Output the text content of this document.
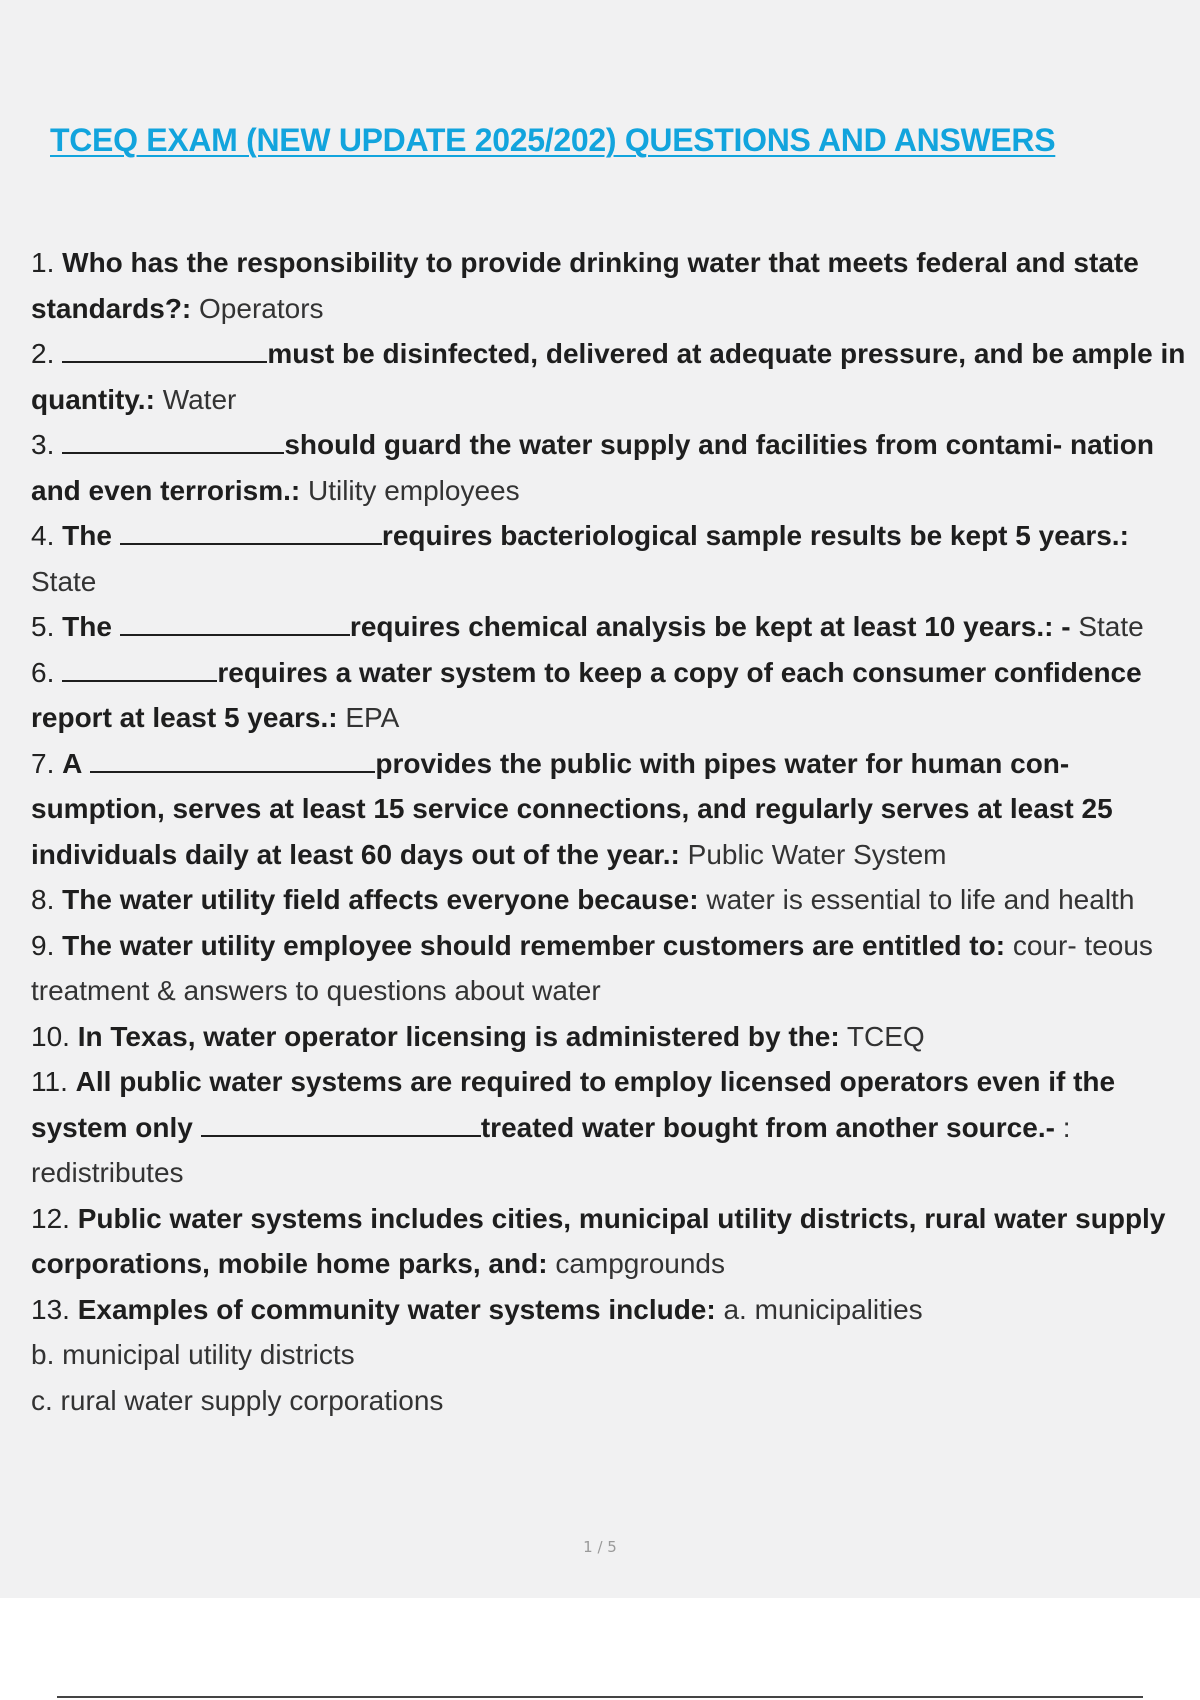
TCEQ EXAM (NEW UPDATE 2025/202) QUESTIONS AND ANSWERS

1. Who has the responsibility to provide drinking water that meets federal and state standards?: Operators

2.	must be disinfected, delivered at adequate pressure, and be ample in quantity.: Water

3.	should guard the water supply and facilities from contami- nation and even terrorism.: Utility employees

4. The	requires bacteriological sample results be kept 5 years.: State

5. The	requires chemical analysis be kept at least 10 years.: - State

6.	requires a water system to keep a copy of each consumer confidence report at least 5 years.: EPA

7. A	provides the public with pipes water for human con- sumption, serves at least 15 service connections, and regularly serves at least 25 individuals daily at least 60 days out of the year.: Public Water System

8. The water utility field affects everyone because: water is essential to life and health

9. The water utility employee should remember customers are entitled to: cour- teous treatment & answers to questions about water

10. In Texas, water operator licensing is administered by the: TCEQ

11. All public water systems are required to employ licensed operators even if the system only	treated water bought from another source.- : redistributes

12. Public water systems includes cities, municipal utility districts, rural water supply corporations, mobile home parks, and: campgrounds

13. Examples of community water systems include: a. municipalities

b. municipal utility districts

c. rural water supply corporations

1 / 5
